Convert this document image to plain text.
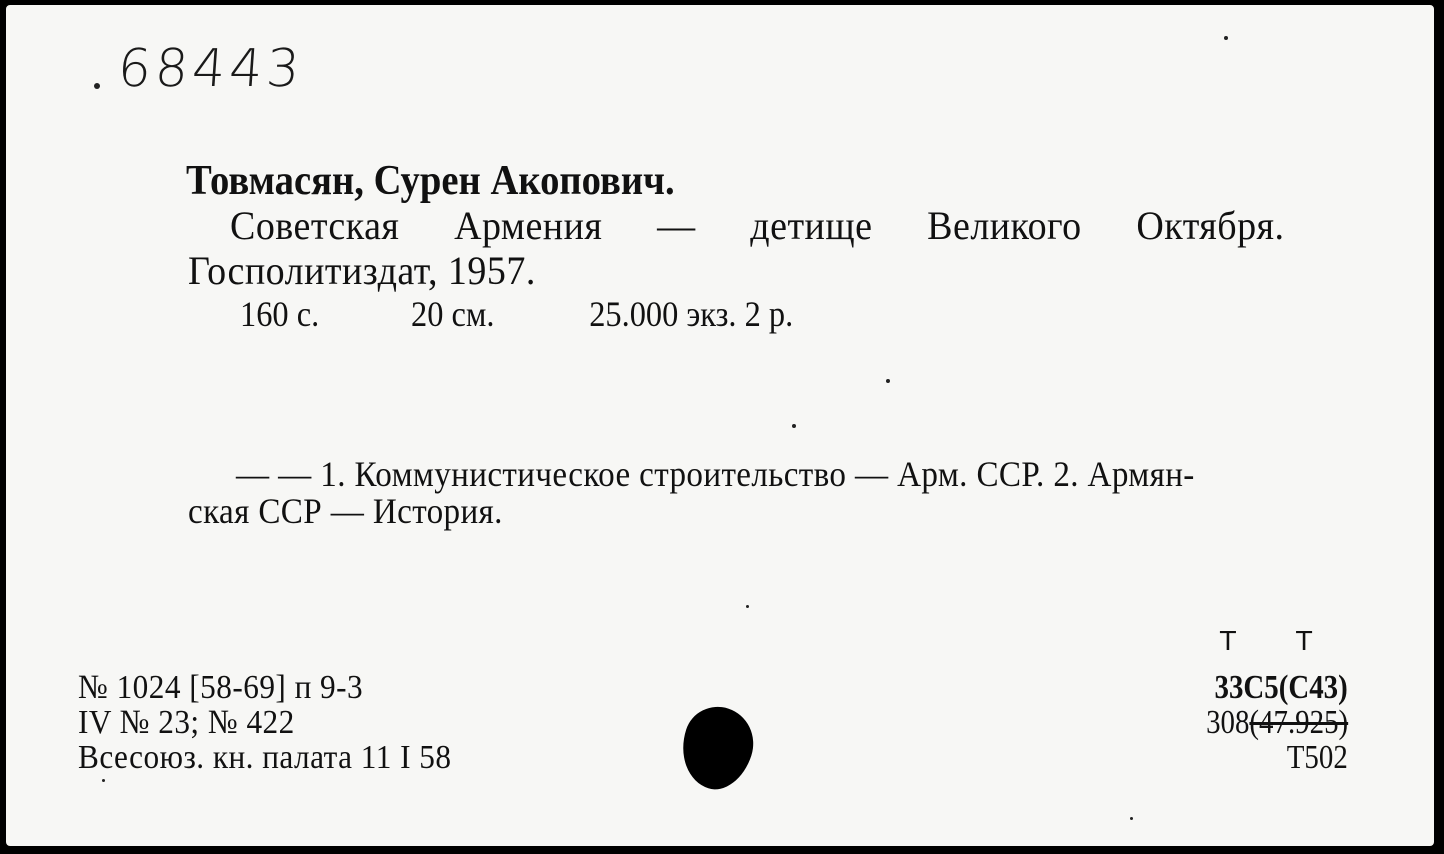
68443
Товмасян, Сурен Акопович.
Советская Армения — детище Великого Октября.
Госполитиздат, 1957.
160 с.	20 см.	25.000 экз. 2 р.
— — 1. Коммунистическое строительство — Арм. ССР. 2. Армян-
ская ССР — История.
№ 1024 [58-69] п 9-3
IV № 23; № 422
Всесоюз. кн. палата 11 I 58
Т Т
33С5(С43)
308(47.925)
Т502
